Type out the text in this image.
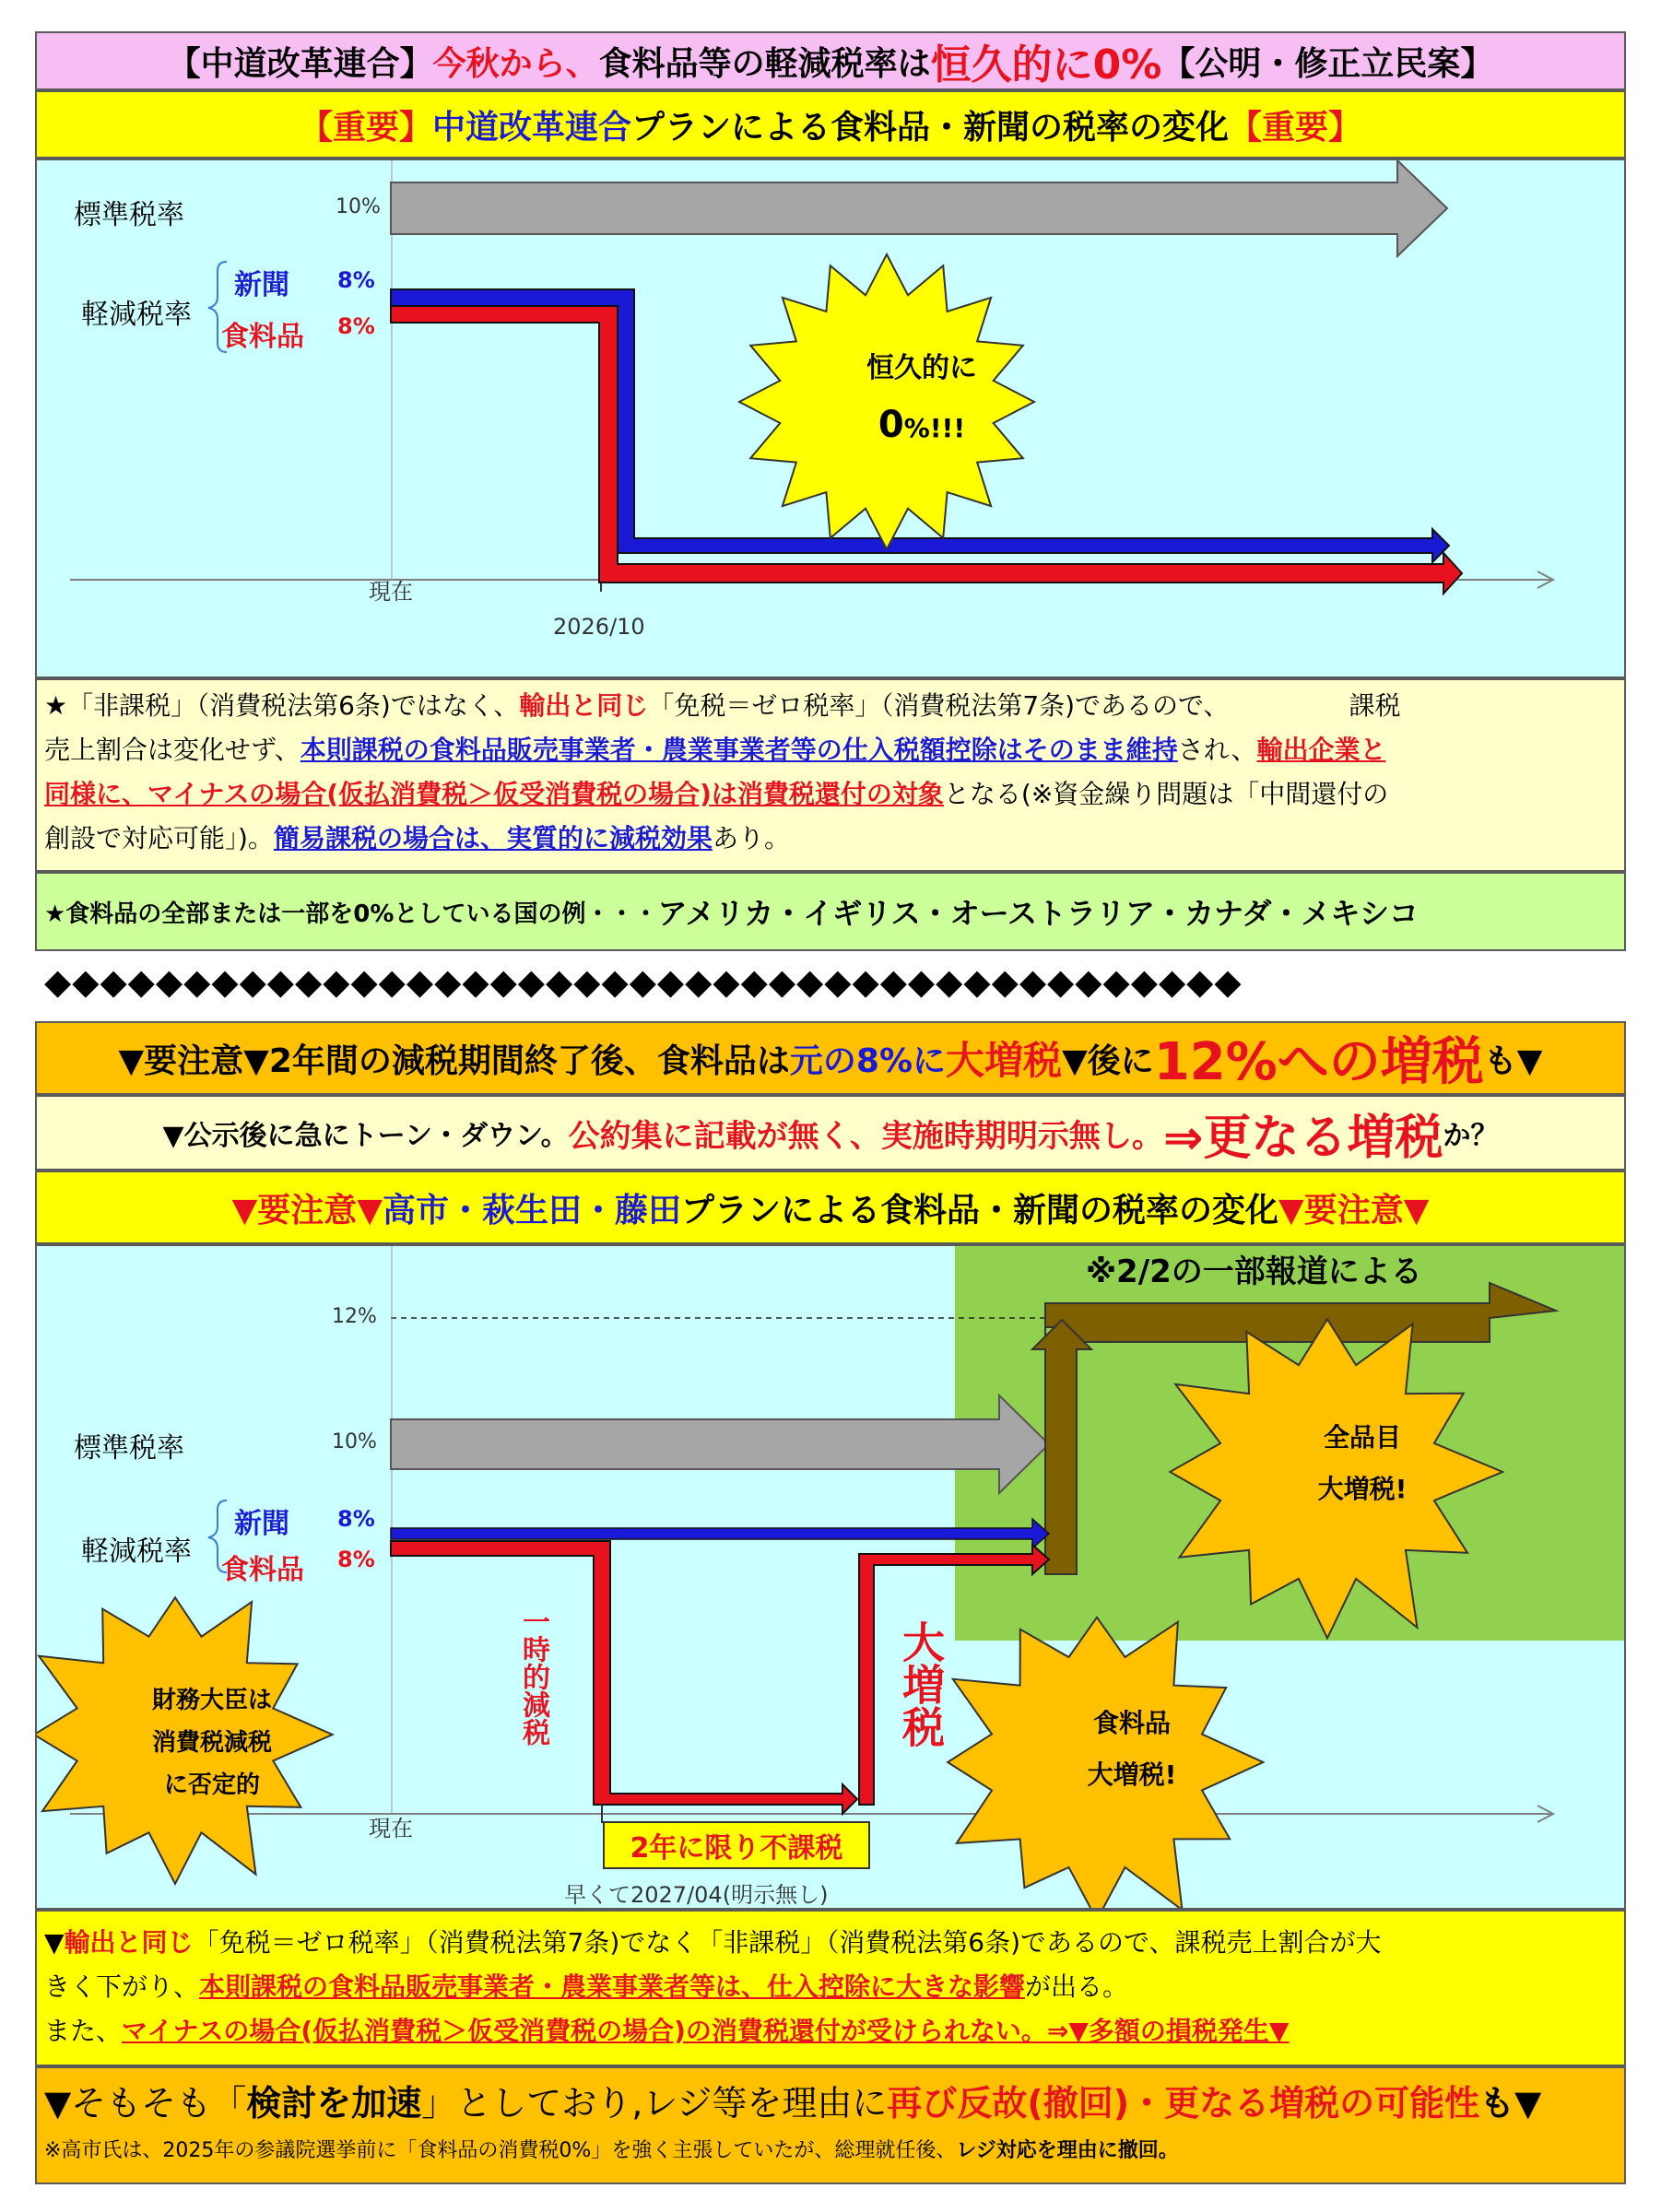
【中道改革連合】 今秋から、 食料品等の軽減税率は 恒久的に0% 【公明・修正立民案】
【重要】 中道改革連合 プランによる食料品・新聞の税率の変化 【重要】
標準税率	10%
軽減税率
新聞 8%
食料品 8%
現在
2026/10
恒久的に
0%!!!

★「非課税」（消費税法第6条)ではなく、輸出と同じ「免税＝ゼロ税率」（消費税法第7条)であるので、	課税

売上割合は変化せず、本則課税の食料品販売事業者・農業事業者等の仕入税額控除はそのまま維持され、輸出企業と

同様に、マイナスの場合(仮払消費税＞仮受消費税の場合)は消費税還付の対象となる(※資金繰り問題は「中間還付の

創設で対応可能」)。簡易課税の場合は、実質的に減税効果あり。

★食料品の全部または一部を0%としている国の例・・・ アメリカ・イギリス・オーストラリア・カナダ・メキシコ
◆◆◆◆◆◆◆◆◆◆◆◆◆◆◆◆◆◆◆◆◆◆◆◆◆◆◆◆◆◆◆◆◆◆◆◆◆◆◆◆◆◆◆
▼要注意▼2年間の減税期間終了後、食料品は 元の8%に 大増税 ▼後に 12%への増税 も▼
▼公示後に急にトーン・ダウン。 公約集に記載が無く、実施時期明示無し。 ⇒更なる増税 か？
▼要注意▼ 高市・萩生田・藤田 プランによる食料品・新聞の税率の変化 ▼要注意▼
※2/2の一部報道による
12%
標準税率	10%
軽減税率
新聞 8%
食料品 8%
現在
一時的減税	大増税
2年に限り不課税
早くて2027/04(明示無し)
全品目
大増税!
食料品
大増税!
財務大臣は
消費税減税
に否定的

▼輸出と同じ「免税＝ゼロ税率」（消費税法第7条)でなく「非課税」（消費税法第6条)であるので、課税売上割合が大

きく下がり、本則課税の食料品販売事業者・農業事業者等は、仕入控除に大きな影響が出る。

また、マイナスの場合(仮払消費税＞仮受消費税の場合)の消費税還付が受けられない。⇒▼多額の損税発生▼

▼そもそも「検討を加速」としており,レジ等を理由に再び反故(撤回)・更なる増税の可能性も▼
※高市氏は、2025年の参議院選挙前に「食料品の消費税0%」を強く主張していたが、総理就任後、レジ対応を理由に撤回。
